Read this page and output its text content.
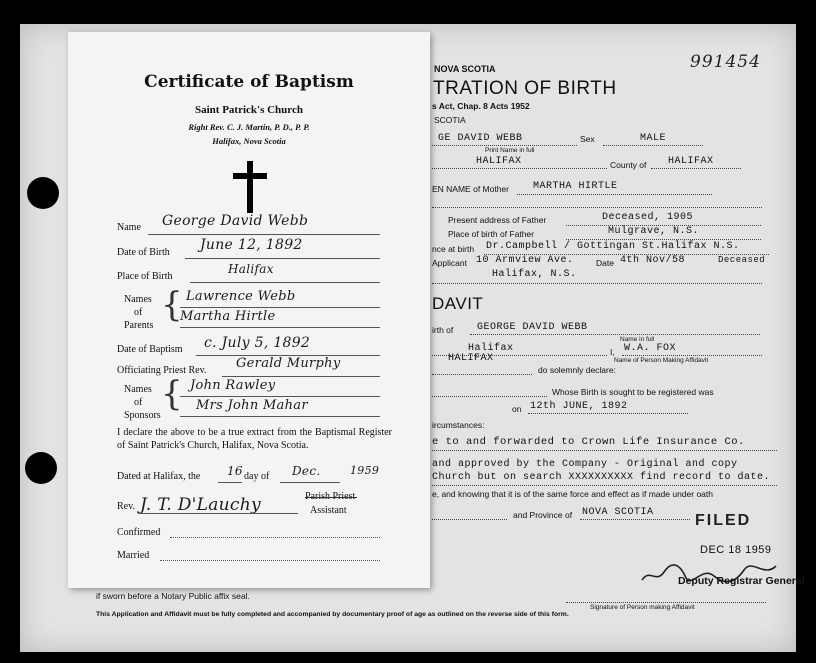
991454
NOVA SCOTIA
TRATION OF BIRTH
s Act, Chap. 8 Acts 1952
SCOTIA
GE DAVID WEBB	Sex	MALE
Print Name in full
HALIFAX	County of HALIFAX
EN NAME of Mother MARTHA HIRTLE
Present address of Father	Deceased, 1905
Place of birth of Father	Mulgrave, N.S.
nce at birth Dr.Campbell / Gottingan St.Halifax N.S.
Deceased
Applicant 10 Armview Ave.	Date 4th Nov/58
Halifax, N.S.
DAVIT
irth of GEORGE DAVID WEBB
Name in full
Halifax	I, W.A. FOX
HALIFAX	Name of Person Making Affidavit
do solemnly declare:
Whose Birth is sought to be registered was
on 12th JUNE, 1892
ircumstances:
e to and forwarded to Crown Life Insurance Co.
and approved by the Company - Original and copy
Church but on search XXXXXXXXXX find record to date.
e, and knowing that it is of the same force and effect as if made under oath
and Province of NOVA SCOTIA	FILED
DEC 18 1959
Deputy Registrar General
Signature of Person making Affidavit
if sworn before a Notary Public affix seal.
This Application and Affidavit must be fully completed and accompanied by documentary proof of age as outlined on the reverse side of this form.
Certificate of Baptism
Saint Patrick's Church
Right Rev. C. J. Martin, P. D., P. P.
Halifax, Nova Scotia
Name George David Webb
Date of Birth June 12, 1892
Place of Birth
Halifax
Names
of
Parents
{ Lawrence Webb
Martha Hirtle
Date of Baptism c. July 5, 1892
Officiating Priest Rev. Gerald Murphy
Names
of
Sponsors
{ John Rawley
Mrs John Mahar
I declare the above to be a true extract from the Baptismal Register of Saint Patrick's Church, Halifax, Nova Scotia.
Dated at Halifax, the 16 day of Dec.	1959
Rev. J. T. D'Lauchy	Assistant
Confirmed
Married
